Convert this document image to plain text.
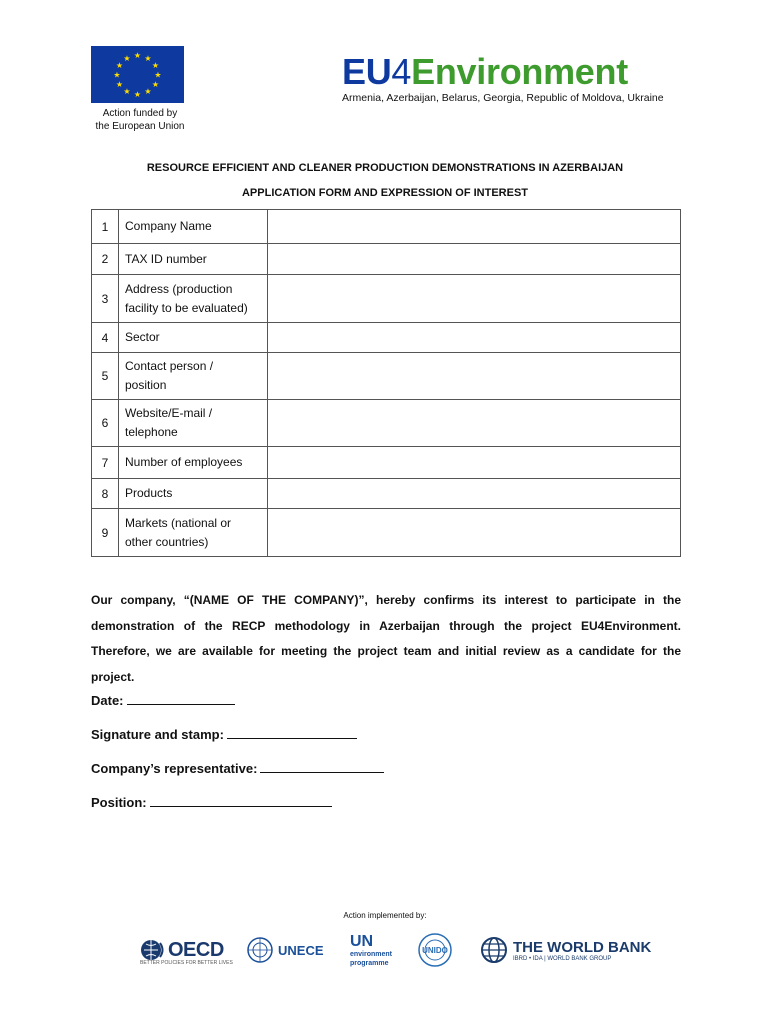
★ ★
★
★
★
★
★
★
★
★
★
★
Action funded by
the European Union
EU4Environment
Armenia, Azerbaijan, Belarus, Georgia, Republic of Moldova, Ukraine
RESOURCE EFFICIENT AND CLEANER PRODUCTION DEMONSTRATIONS IN AZERBAIJAN
APPLICATION FORM AND EXPRESSION OF INTEREST
1	Company Name	

2	TAX ID number	

3	Address (production
facility to be evaluated)	

4	Sector	

5	Contact person /
position	

6	Website/E-mail /
telephone	

7	Number of employees	

8	Products	

9	Markets (national or
other countries)	

Our company, “(NAME OF THE COMPANY)”, hereby confirms its interest to participate in the demonstration of the RECP methodology in Azerbaijan through the project EU4Environment. Therefore, we are available for meeting the project team and initial review as a candidate for the project.
Date:
Signature and stamp:
Company’s representative:
Position:
Action implemented by:
OECD
BETTER POLICIES FOR BETTER LIVES
UNECE
UN
environment
programme
UNIDO	THE WORLD BANK
IBRD • IDA | WORLD BANK GROUP
